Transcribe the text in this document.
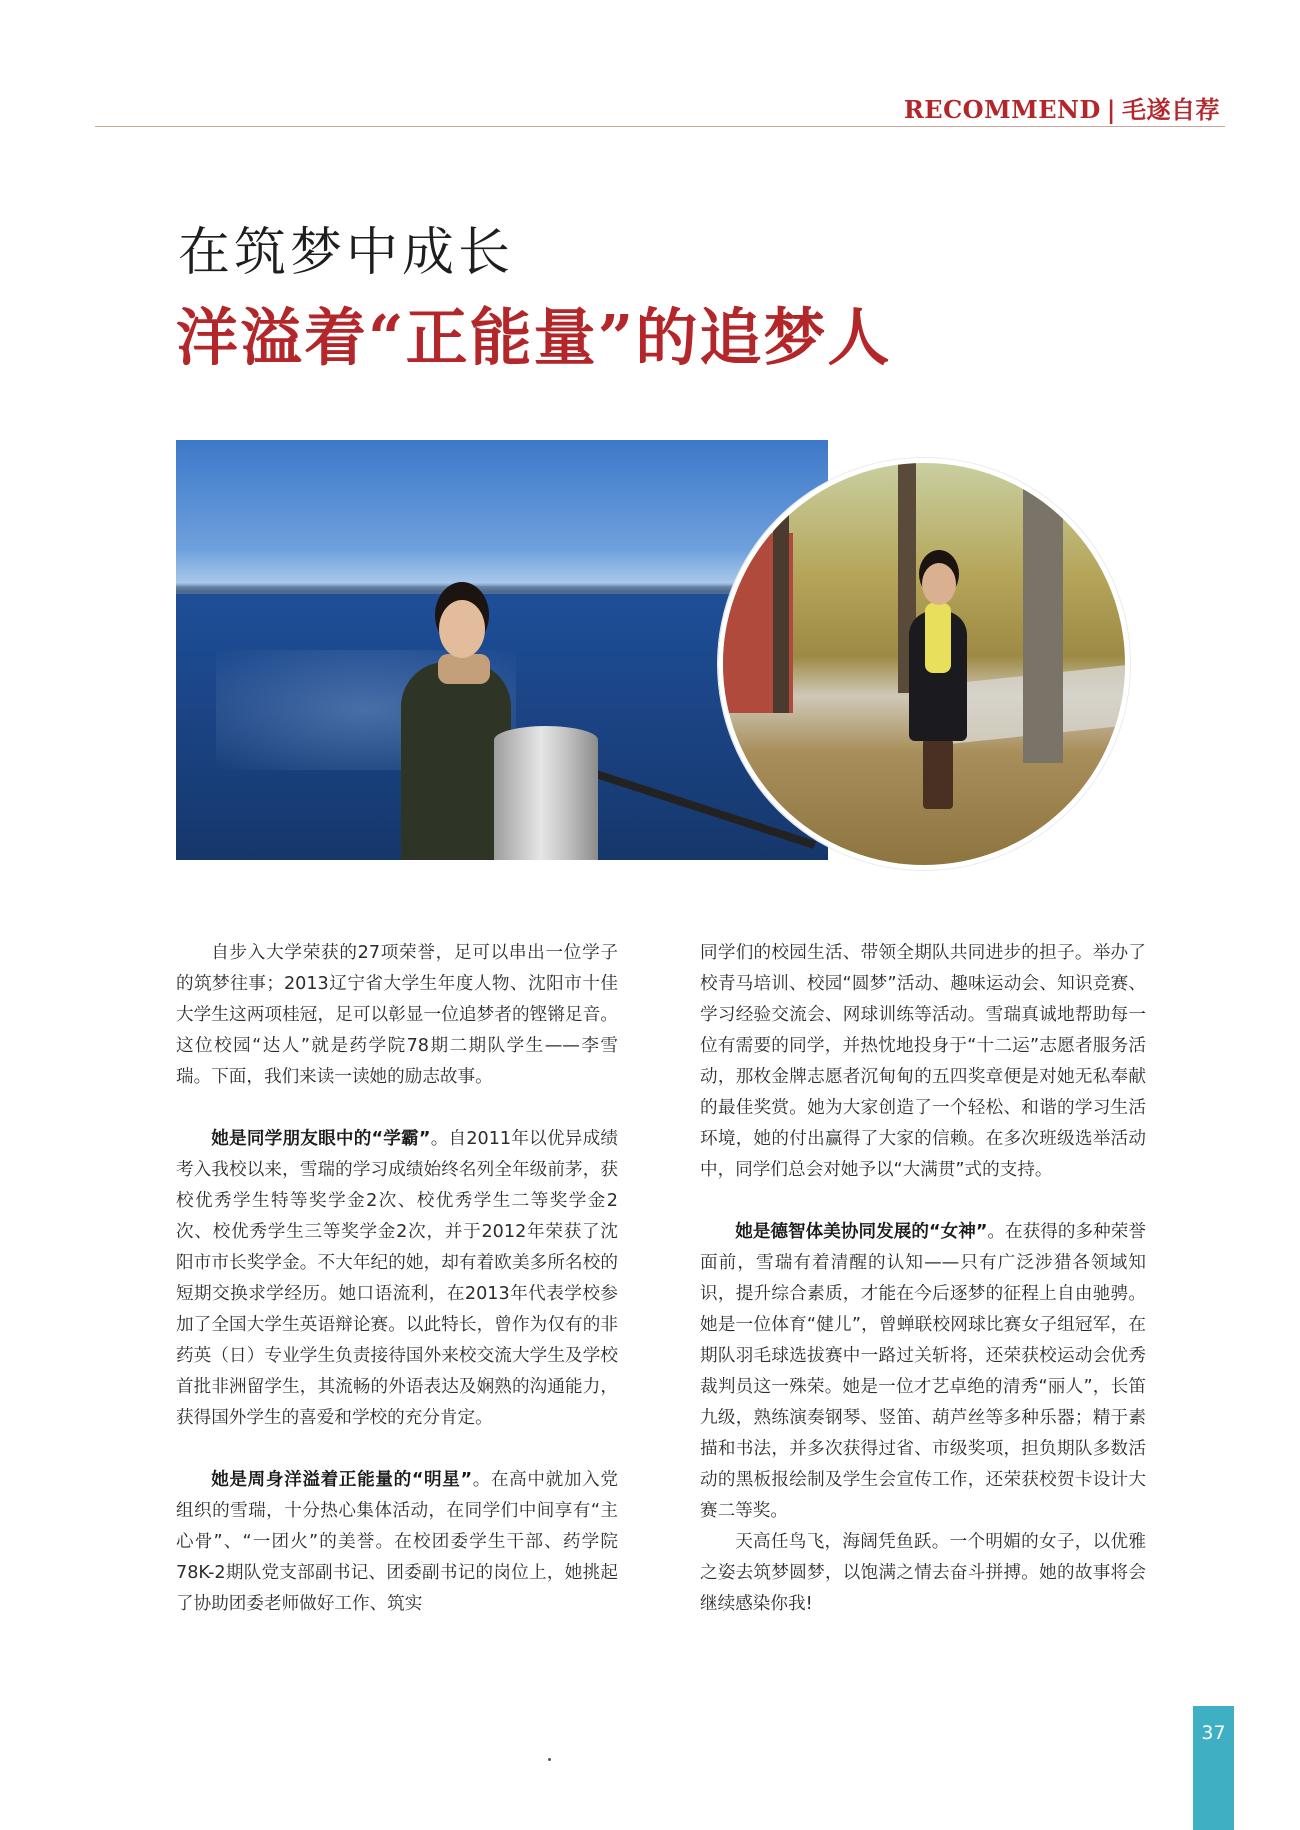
RECOMMEND | 毛遂自荐
在筑梦中成长
洋溢着“正能量”的追梦人

自步入大学荣获的27项荣誉，足可以串出一位学子的筑梦往事；2013辽宁省大学生年度人物、沈阳市十佳大学生这两项桂冠，足可以彰显一位追梦者的铿锵足音。这位校园“达人”就是药学院78期二期队学生——李雪瑞。下面，我们来读一读她的励志故事。

她是同学朋友眼中的“学霸”。自2011年以优异成绩考入我校以来，雪瑞的学习成绩始终名列全年级前茅，获校优秀学生特等奖学金2次、校优秀学生二等奖学金2次、校优秀学生三等奖学金2次，并于2012年荣获了沈阳市市长奖学金。不大年纪的她，却有着欧美多所名校的短期交换求学经历。她口语流利，在2013年代表学校参加了全国大学生英语辩论赛。以此特长，曾作为仅有的非药英（日）专业学生负责接待国外来校交流大学生及学校首批非洲留学生，其流畅的外语表达及娴熟的沟通能力，获得国外学生的喜爱和学校的充分肯定。

她是周身洋溢着正能量的“明星”。在高中就加入党组织的雪瑞，十分热心集体活动，在同学们中间享有“主心骨”、“一团火”的美誉。在校团委学生干部、药学院78K-2期队党支部副书记、团委副书记的岗位上，她挑起了协助团委老师做好工作、筑实

同学们的校园生活、带领全期队共同进步的担子。举办了校青马培训、校园“圆梦”活动、趣味运动会、知识竞赛、学习经验交流会、网球训练等活动。雪瑞真诚地帮助每一位有需要的同学，并热忱地投身于“十二运”志愿者服务活动，那枚金牌志愿者沉甸甸的五四奖章便是对她无私奉献的最佳奖赏。她为大家创造了一个轻松、和谐的学习生活环境，她的付出赢得了大家的信赖。在多次班级选举活动中，同学们总会对她予以“大满贯”式的支持。

她是德智体美协同发展的“女神”。在获得的多种荣誉面前，雪瑞有着清醒的认知——只有广泛涉猎各领域知识，提升综合素质，才能在今后逐梦的征程上自由驰骋。她是一位体育“健儿”，曾蝉联校网球比赛女子组冠军，在期队羽毛球选拔赛中一路过关斩将，还荣获校运动会优秀裁判员这一殊荣。她是一位才艺卓绝的清秀“丽人”，长笛九级，熟练演奏钢琴、竖笛、葫芦丝等多种乐器；精于素描和书法，并多次获得过省、市级奖项，担负期队多数活动的黑板报绘制及学生会宣传工作，还荣获校贺卡设计大赛二等奖。

天高任鸟飞，海阔凭鱼跃。一个明媚的女子，以优雅之姿去筑梦圆梦，以饱满之情去奋斗拼搏。她的故事将会继续感染你我!

37
